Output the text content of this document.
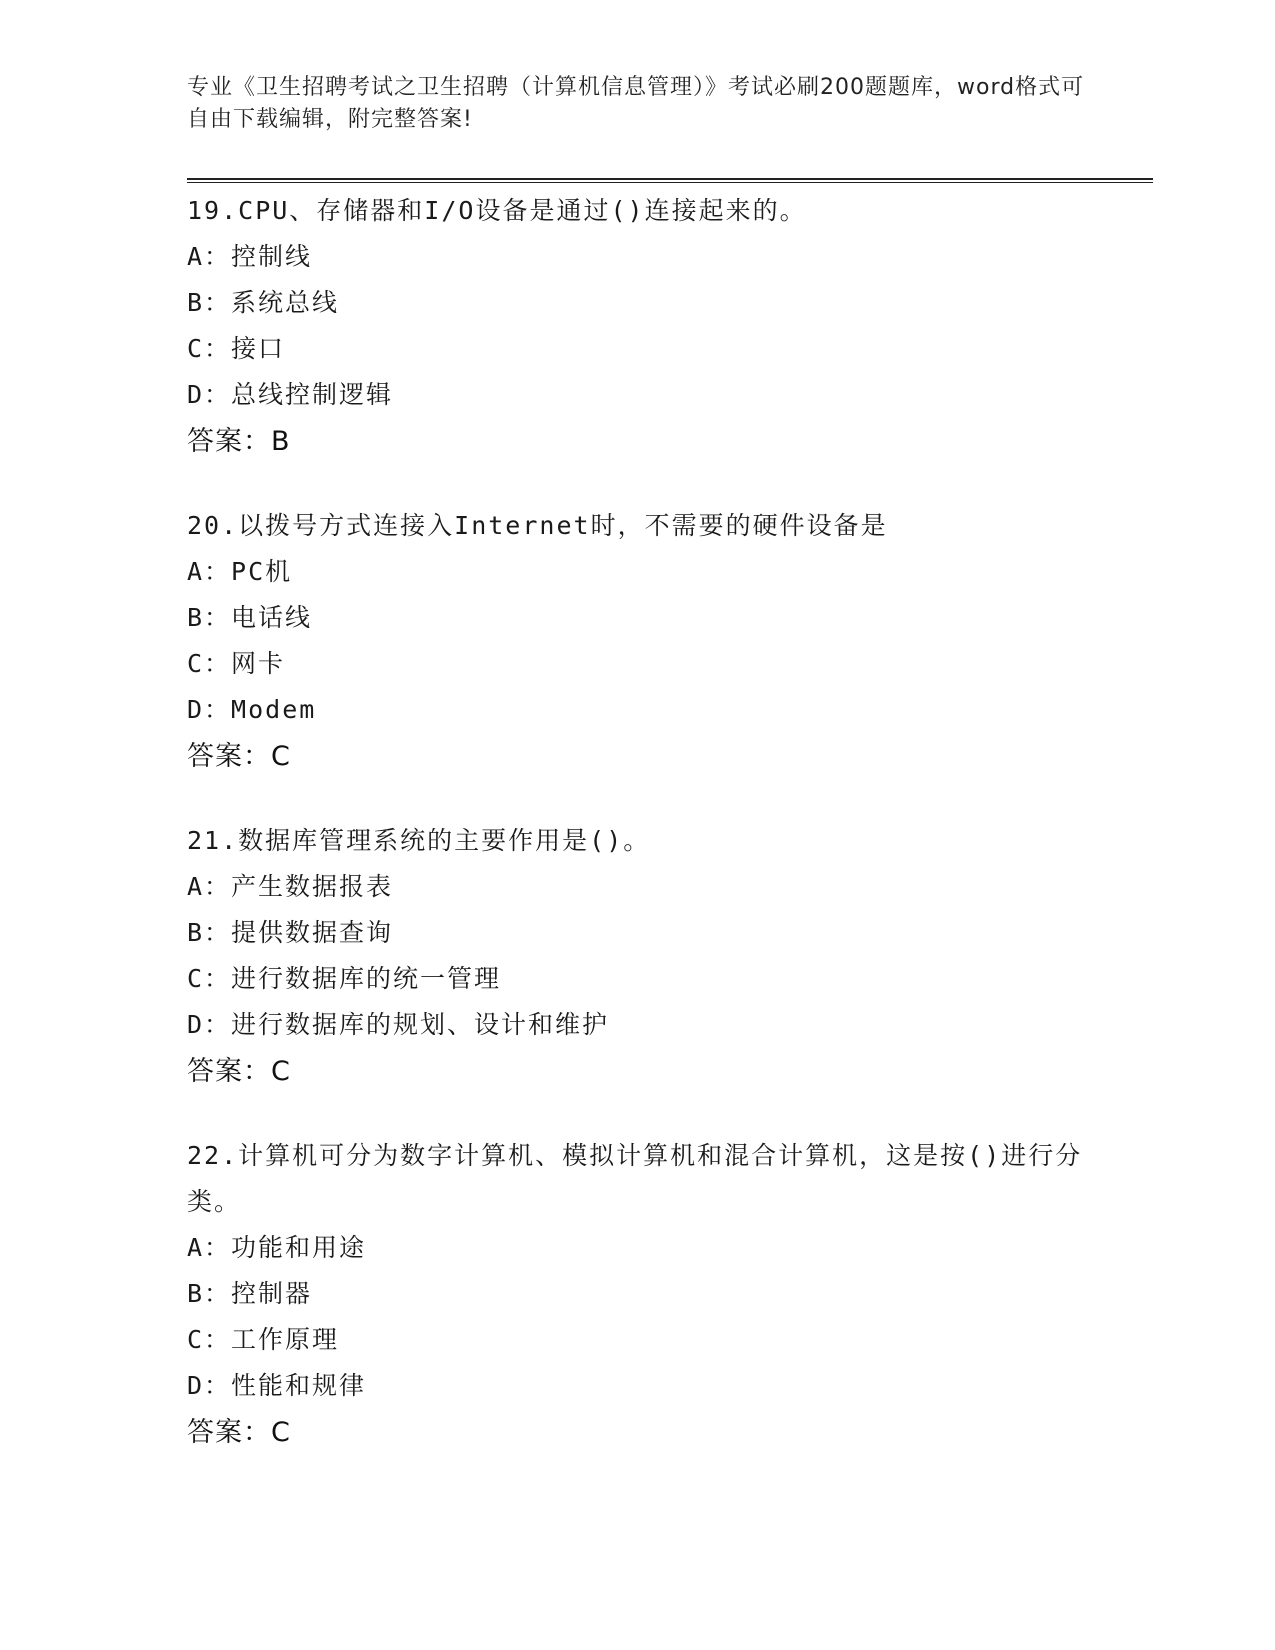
专业《卫生招聘考试之卫生招聘（计算机信息管理）》考试必刷200题题库，word格式可自由下载编辑，附完整答案!
19.CPU、存储器和I/O设备是通过()连接起来的。
A：控制线
B：系统总线
C：接口
D：总线控制逻辑
答案：B
20.以拨号方式连接入Internet时，不需要的硬件设备是
A：PC机
B：电话线
C：网卡
D：Modem
答案：C
21.数据库管理系统的主要作用是()。
A：产生数据报表
B：提供数据查询
C：进行数据库的统一管理
D：进行数据库的规划、设计和维护
答案：C
22.计算机可分为数字计算机、模拟计算机和混合计算机，这是按()进行分类。
A：功能和用途
B：控制器
C：工作原理
D：性能和规律
答案：C
